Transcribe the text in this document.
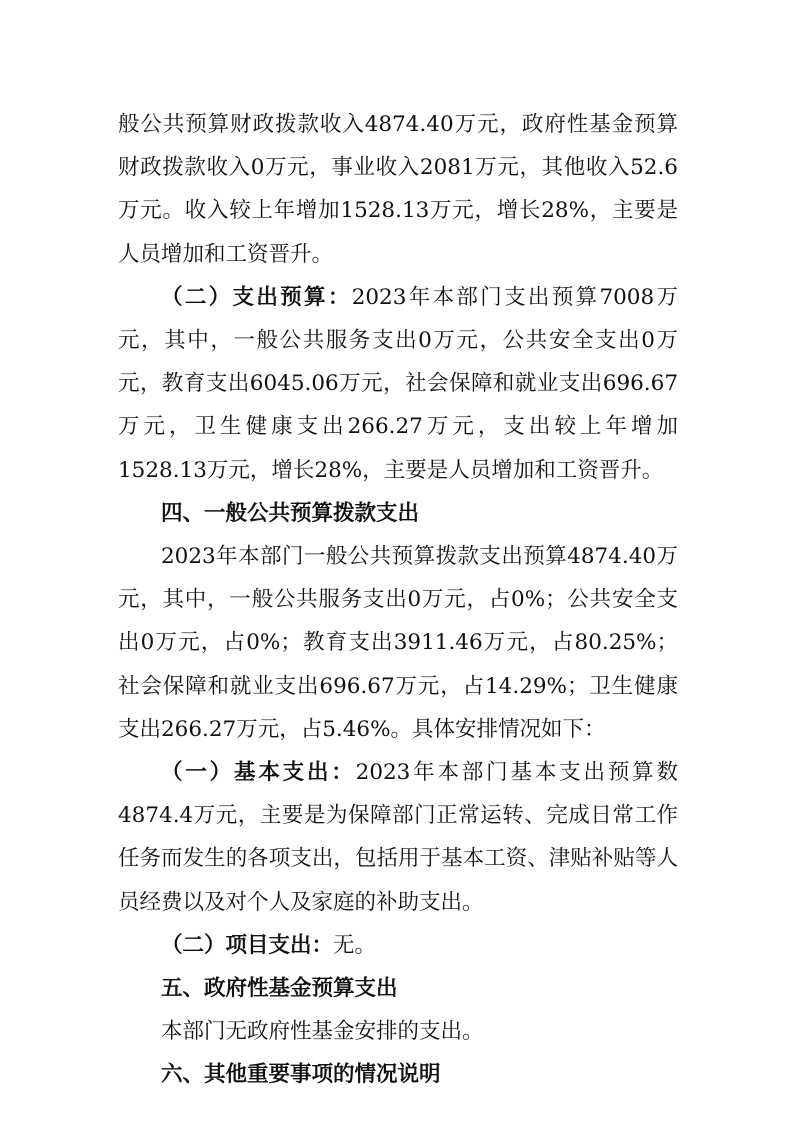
般公共预算财政拨款收入4874.40万元，政府性基金预算财政拨款收入0万元，事业收入2081万元，其他收入52.6万元。收入较上年增加1528.13万元，增长28%，主要是人员增加和工资晋升。

（二）支出预算：2023年本部门支出预算7008万元，其中，一般公共服务支出0万元，公共安全支出0万元，教育支出6045.06万元，社会保障和就业支出696.67万元，卫生健康支出266.27万元，支出较上年增加1528.13万元，增长28%，主要是人员增加和工资晋升。

四、一般公共预算拨款支出

2023年本部门一般公共预算拨款支出预算4874.40万元，其中，一般公共服务支出0万元，占0%；公共安全支出0万元，占0%；教育支出3911.46万元，占80.25%；社会保障和就业支出696.67万元，占14.29%；卫生健康支出266.27万元，占5.46%。具体安排情况如下：

（一）基本支出：2023年本部门基本支出预算数4874.4万元，主要是为保障部门正常运转、完成日常工作任务而发生的各项支出，包括用于基本工资、津贴补贴等人员经费以及对个人及家庭的补助支出。

（二）项目支出：无。

五、政府性基金预算支出

本部门无政府性基金安排的支出。

六、其他重要事项的情况说明
